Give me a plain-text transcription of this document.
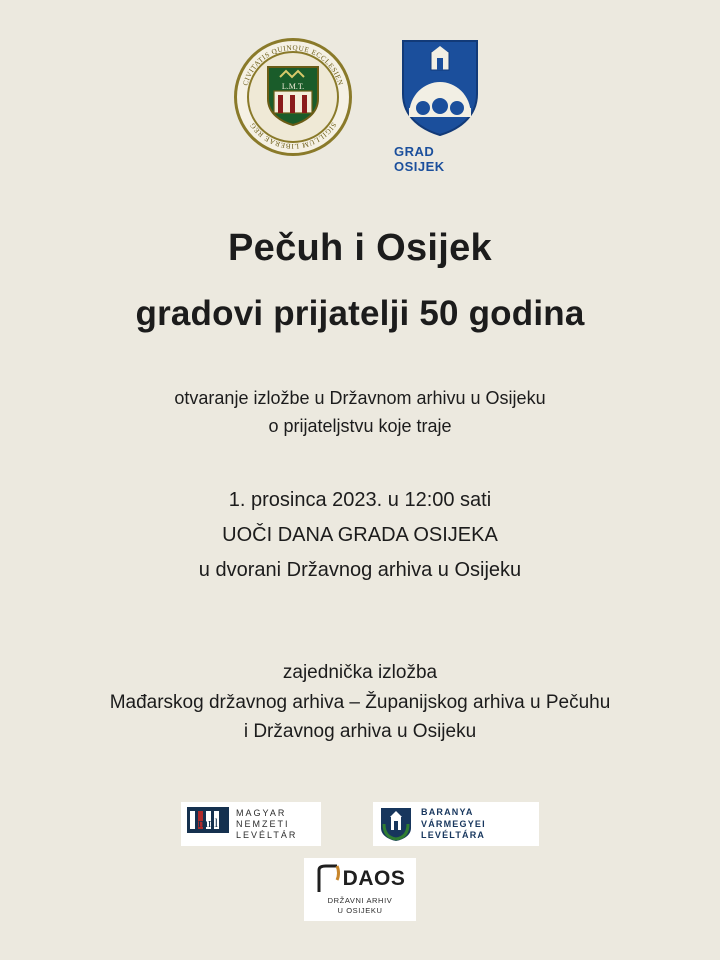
CIVITATIS QUINQUE ECCLESIEN
SIGILLUM LIBERAE REG
L.M.T.
GRAD OSIJEK
Pečuh i Osijek
gradovi prijatelji 50 godina
otvaranje izložbe u Državnom arhivu u Osijeku
o prijateljstvu koje traje
1. prosinca 2023. u 12:00 sati
UOČI DANA GRADA OSIJEKA
u dvorani Državnog arhiva u Osijeku
zajednička izložba
Mađarskog državnog arhiva – Županijskog arhiva u Pečuhu
i Državnog arhiva u Osijeku
mnl
MAGYAR
NEMZETI
LEVÉLTÁR
BARANYA VÁRMEGYEI
LEVÉLTÁRA
DAOS
DRŽAVNI ARHIV
U OSIJEKU
